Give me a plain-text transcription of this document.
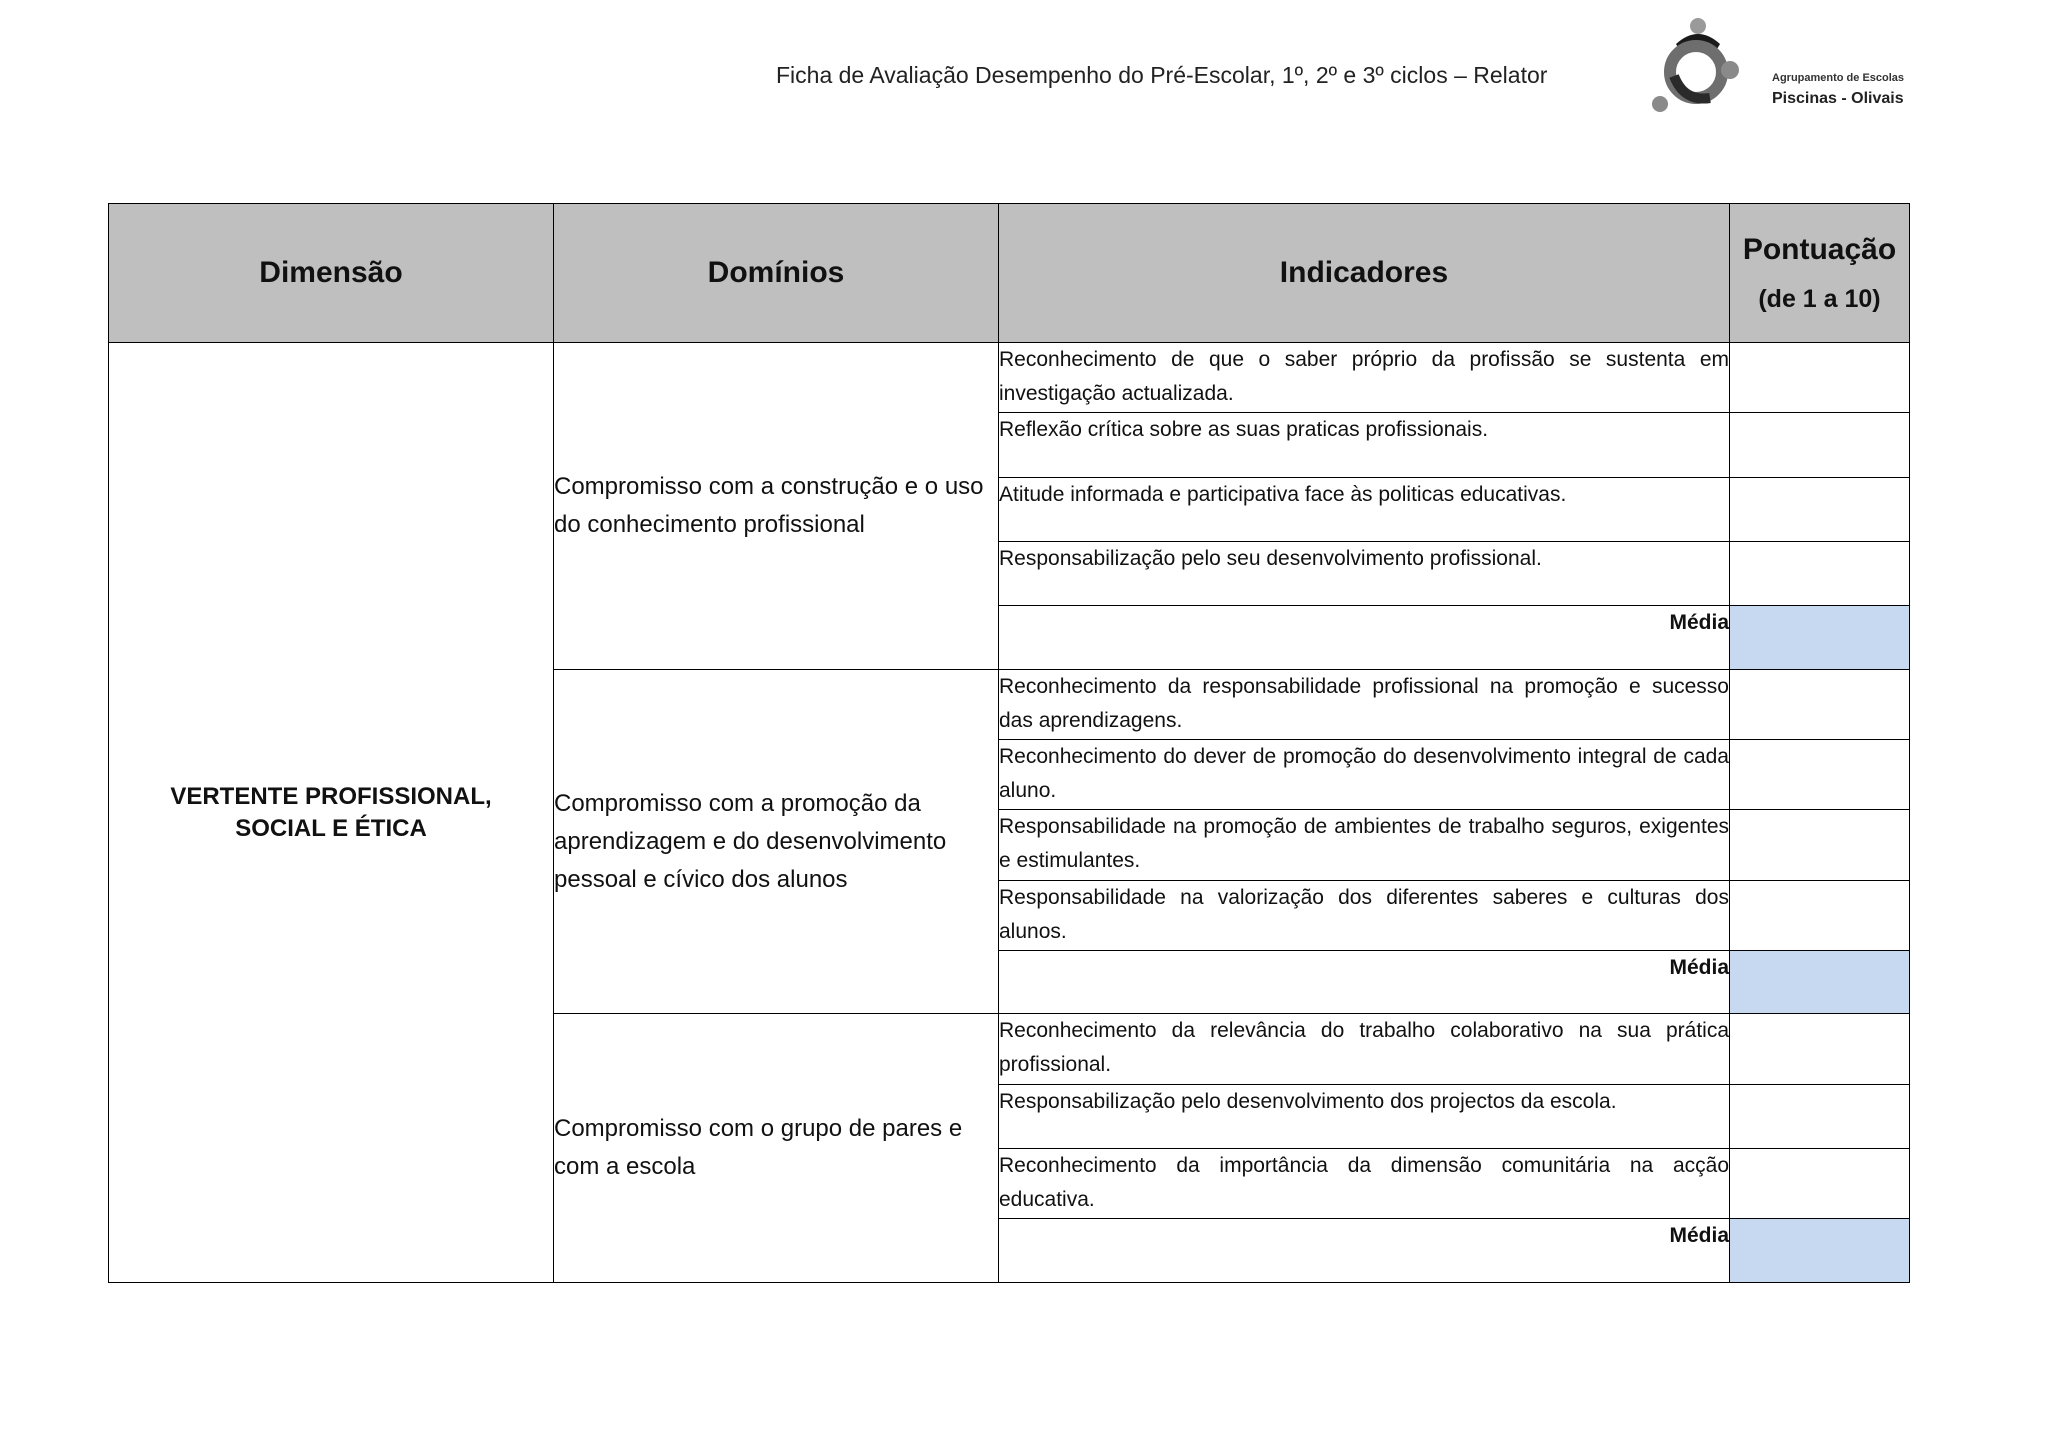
Ficha de Avaliação Desempenho do Pré-Escolar, 1º, 2º e 3º ciclos – Relator	Agrupamento de Escolas
Piscinas - Olivais
Dimensão	Domínios	Indicadores	Pontuação
(de 1 a 10)

VERTENTE PROFISSIONAL,
SOCIAL E ÉTICA	Compromisso com a construção e o uso do conhecimento profissional	Reconhecimento de que o saber próprio da profissão se sustenta em investigação actualizada.	
		Reflexão crítica sobre as suas praticas profissionais.	
		Atitude informada e participativa face às politicas educativas.	
		Responsabilização pelo seu desenvolvimento profissional.	
		Média	
	Compromisso com a promoção da aprendizagem e do desenvolvimento pessoal e cívico dos alunos	Reconhecimento da responsabilidade profissional na promoção e sucesso das aprendizagens.	
		Reconhecimento do dever de promoção do desenvolvimento integral de cada aluno.	
		Responsabilidade na promoção de ambientes de trabalho seguros, exigentes e estimulantes.	
		Responsabilidade na valorização dos diferentes saberes e culturas dos alunos.	
		Média	
	Compromisso com o grupo de pares e com a escola	Reconhecimento da relevância do trabalho colaborativo na sua prática profissional.	
		Responsabilização pelo desenvolvimento dos projectos da escola.	
		Reconhecimento da importância da dimensão comunitária na acção educativa.	
		Média	
